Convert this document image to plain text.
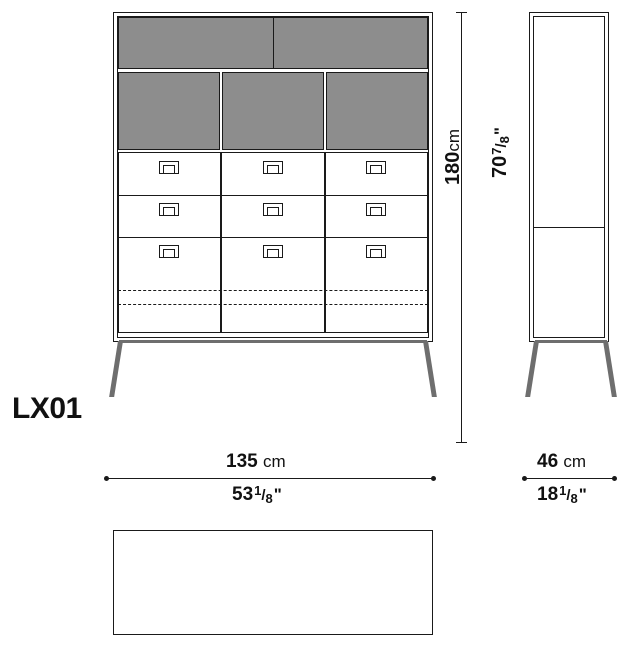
LX01
180cm
707/8"
135 cm
531/8"
46 cm
181/8"
